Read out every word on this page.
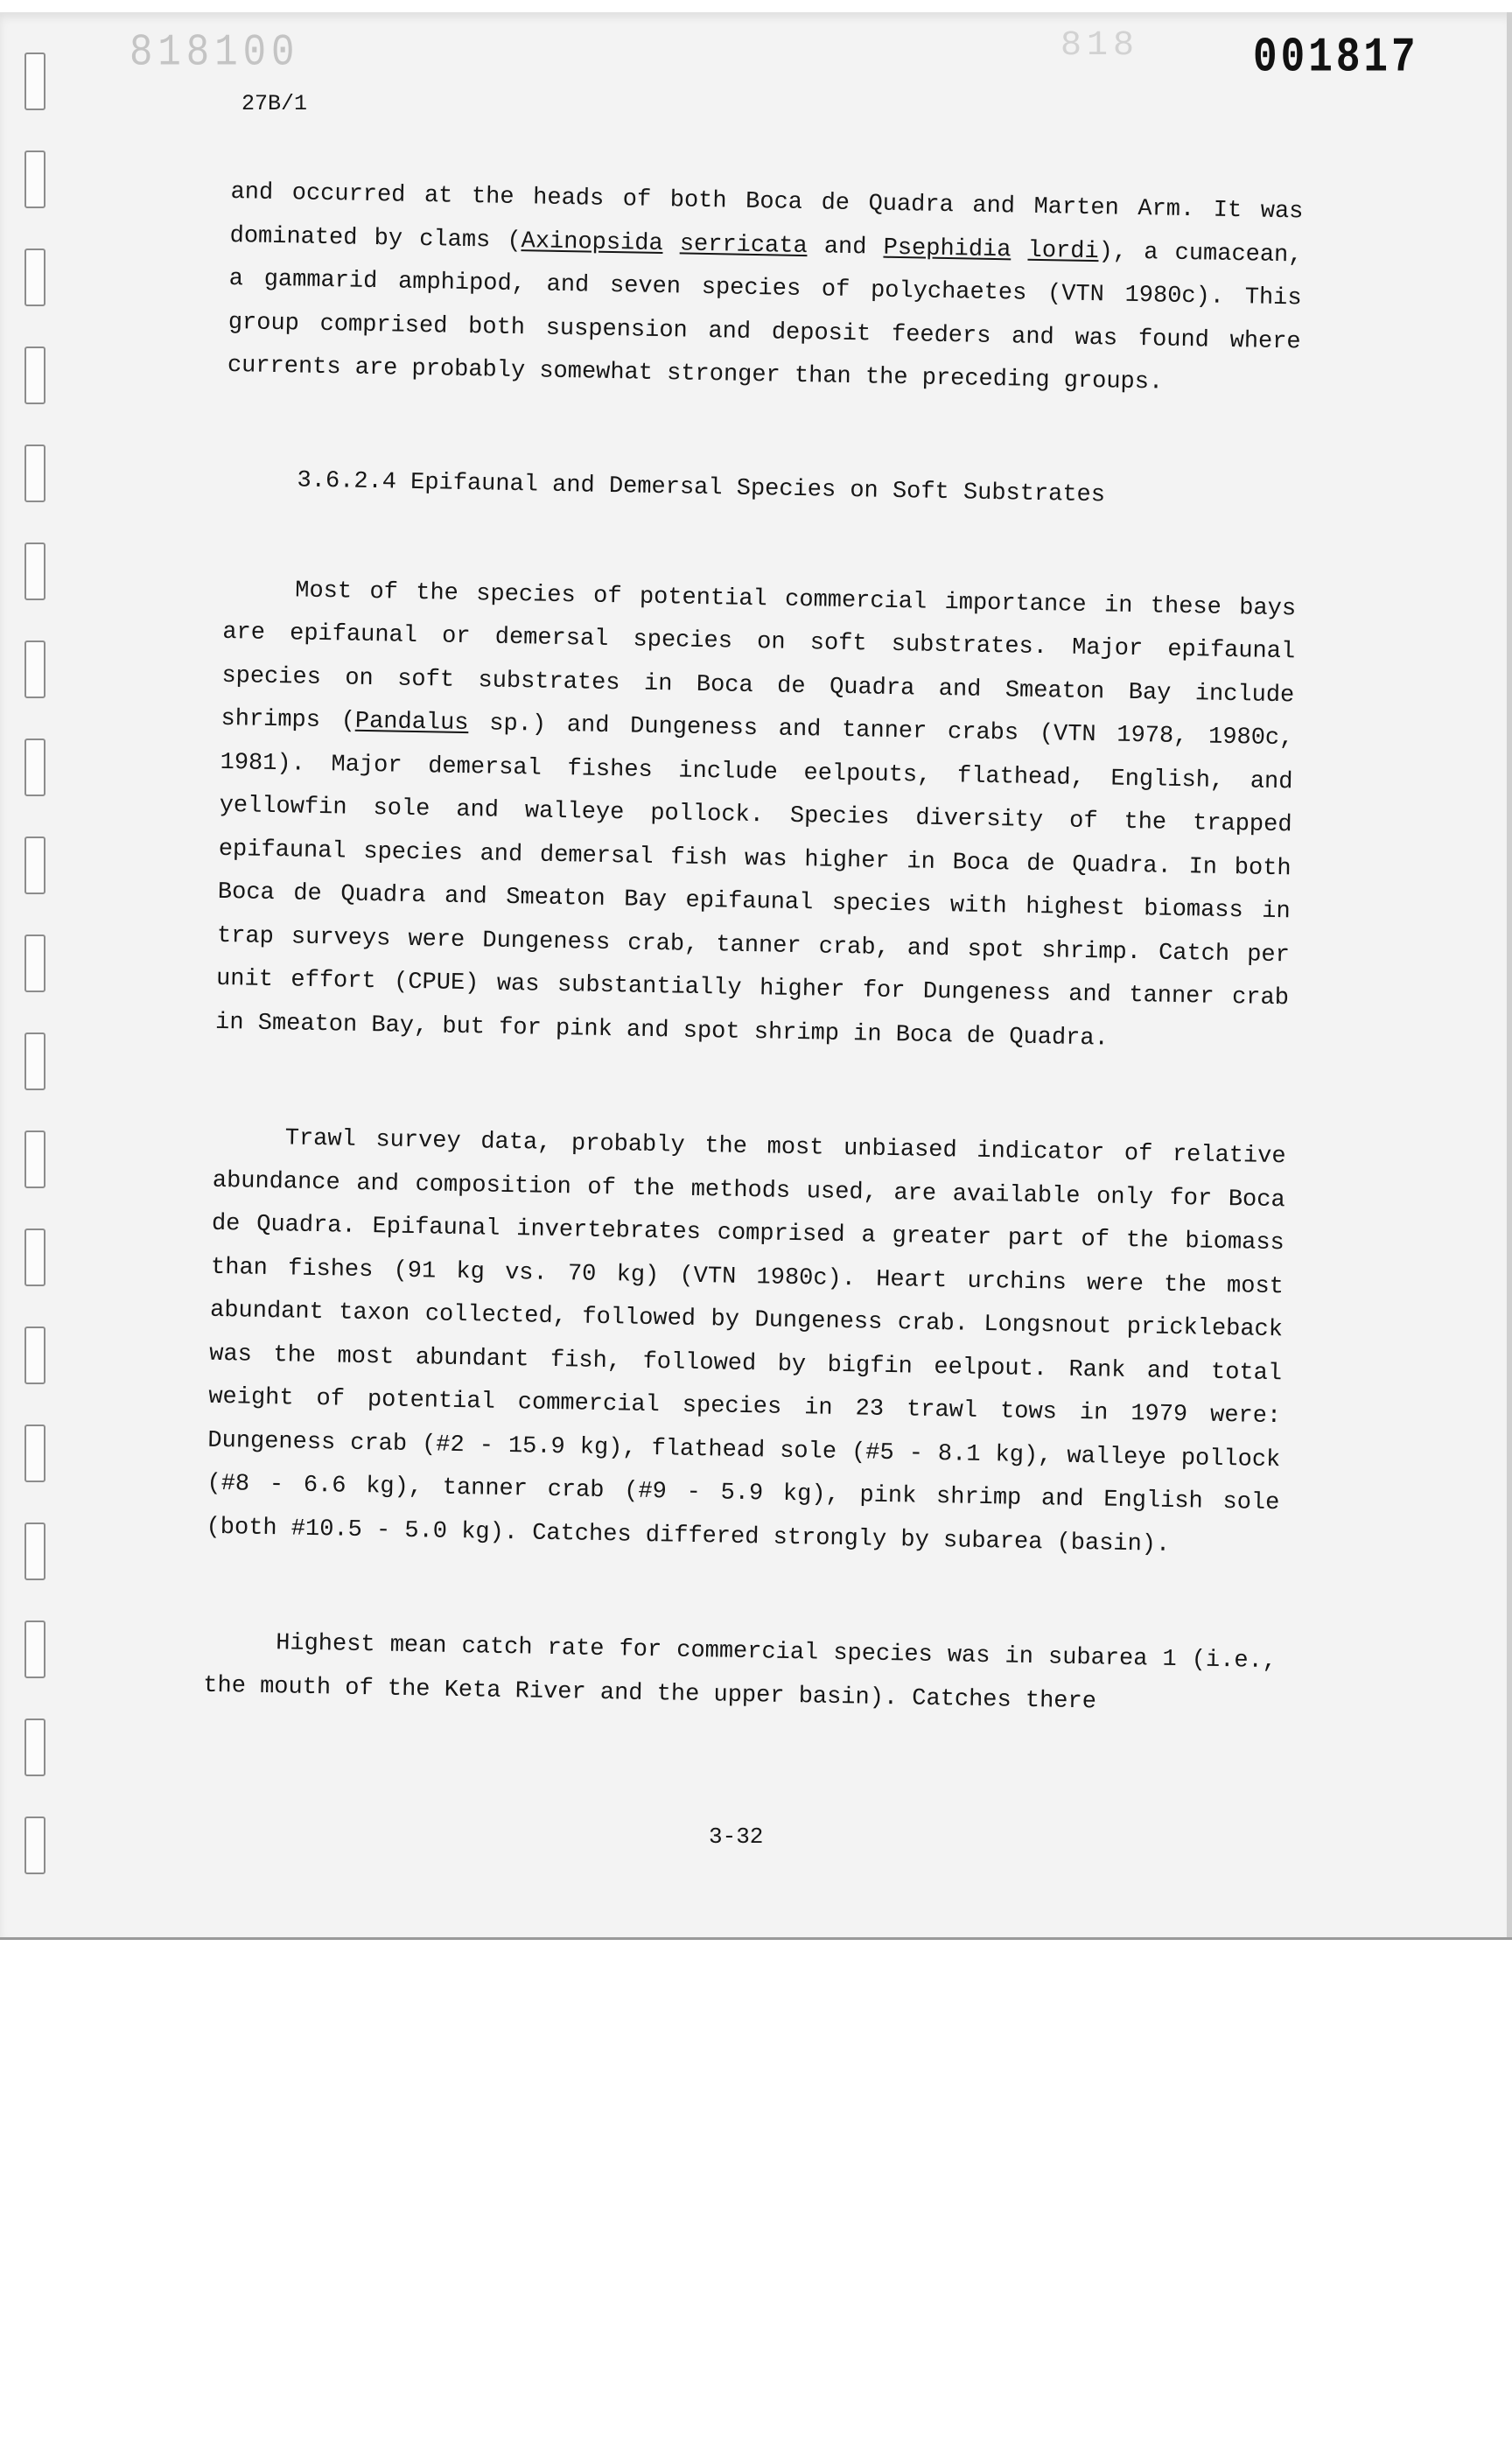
818100	818	001817
27B/1

and occurred at the heads of both Boca de Quadra and Marten Arm. It was dominated by clams (Axinopsida serricata and Psephidia lordi), a cumacean, a gammarid amphipod, and seven species of polychaetes (VTN 1980c). This group comprised both suspension and deposit feeders and was found where currents are probably somewhat stronger than the preceding groups.

3.6.2.4 Epifaunal and Demersal Species on Soft Substrates

Most of the species of potential commercial importance in these bays are epifaunal or demersal species on soft substrates. Major epifaunal species on soft substrates in Boca de Quadra and Smeaton Bay include shrimps (Pandalus sp.) and Dungeness and tanner crabs (VTN 1978, 1980c, 1981). Major demersal fishes include eelpouts, flathead, English, and yellowfin sole and walleye pollock. Species diversity of the trapped epifaunal species and demersal fish was higher in Boca de Quadra. In both Boca de Quadra and Smeaton Bay epifaunal species with highest biomass in trap surveys were Dungeness crab, tanner crab, and spot shrimp. Catch per unit effort (CPUE) was substantially higher for Dungeness and tanner crab in Smeaton Bay, but for pink and spot shrimp in Boca de Quadra.

Trawl survey data, probably the most unbiased indicator of relative abundance and composition of the methods used, are available only for Boca de Quadra. Epifaunal invertebrates comprised a greater part of the biomass than fishes (91 kg vs. 70 kg) (VTN 1980c). Heart urchins were the most abundant taxon collected, followed by Dungeness crab. Longsnout prickleback was the most abundant fish, followed by bigfin eelpout. Rank and total weight of potential commercial species in 23 trawl tows in 1979 were: Dungeness crab (#2 - 15.9 kg), flathead sole (#5 - 8.1 kg), walleye pollock (#8 - 6.6 kg), tanner crab (#9 - 5.9 kg), pink shrimp and English sole (both #10.5 - 5.0 kg). Catches differed strongly by subarea (basin).

Highest mean catch rate for commercial species was in subarea 1 (i.e., the mouth of the Keta River and the upper basin). Catches there

3-32
